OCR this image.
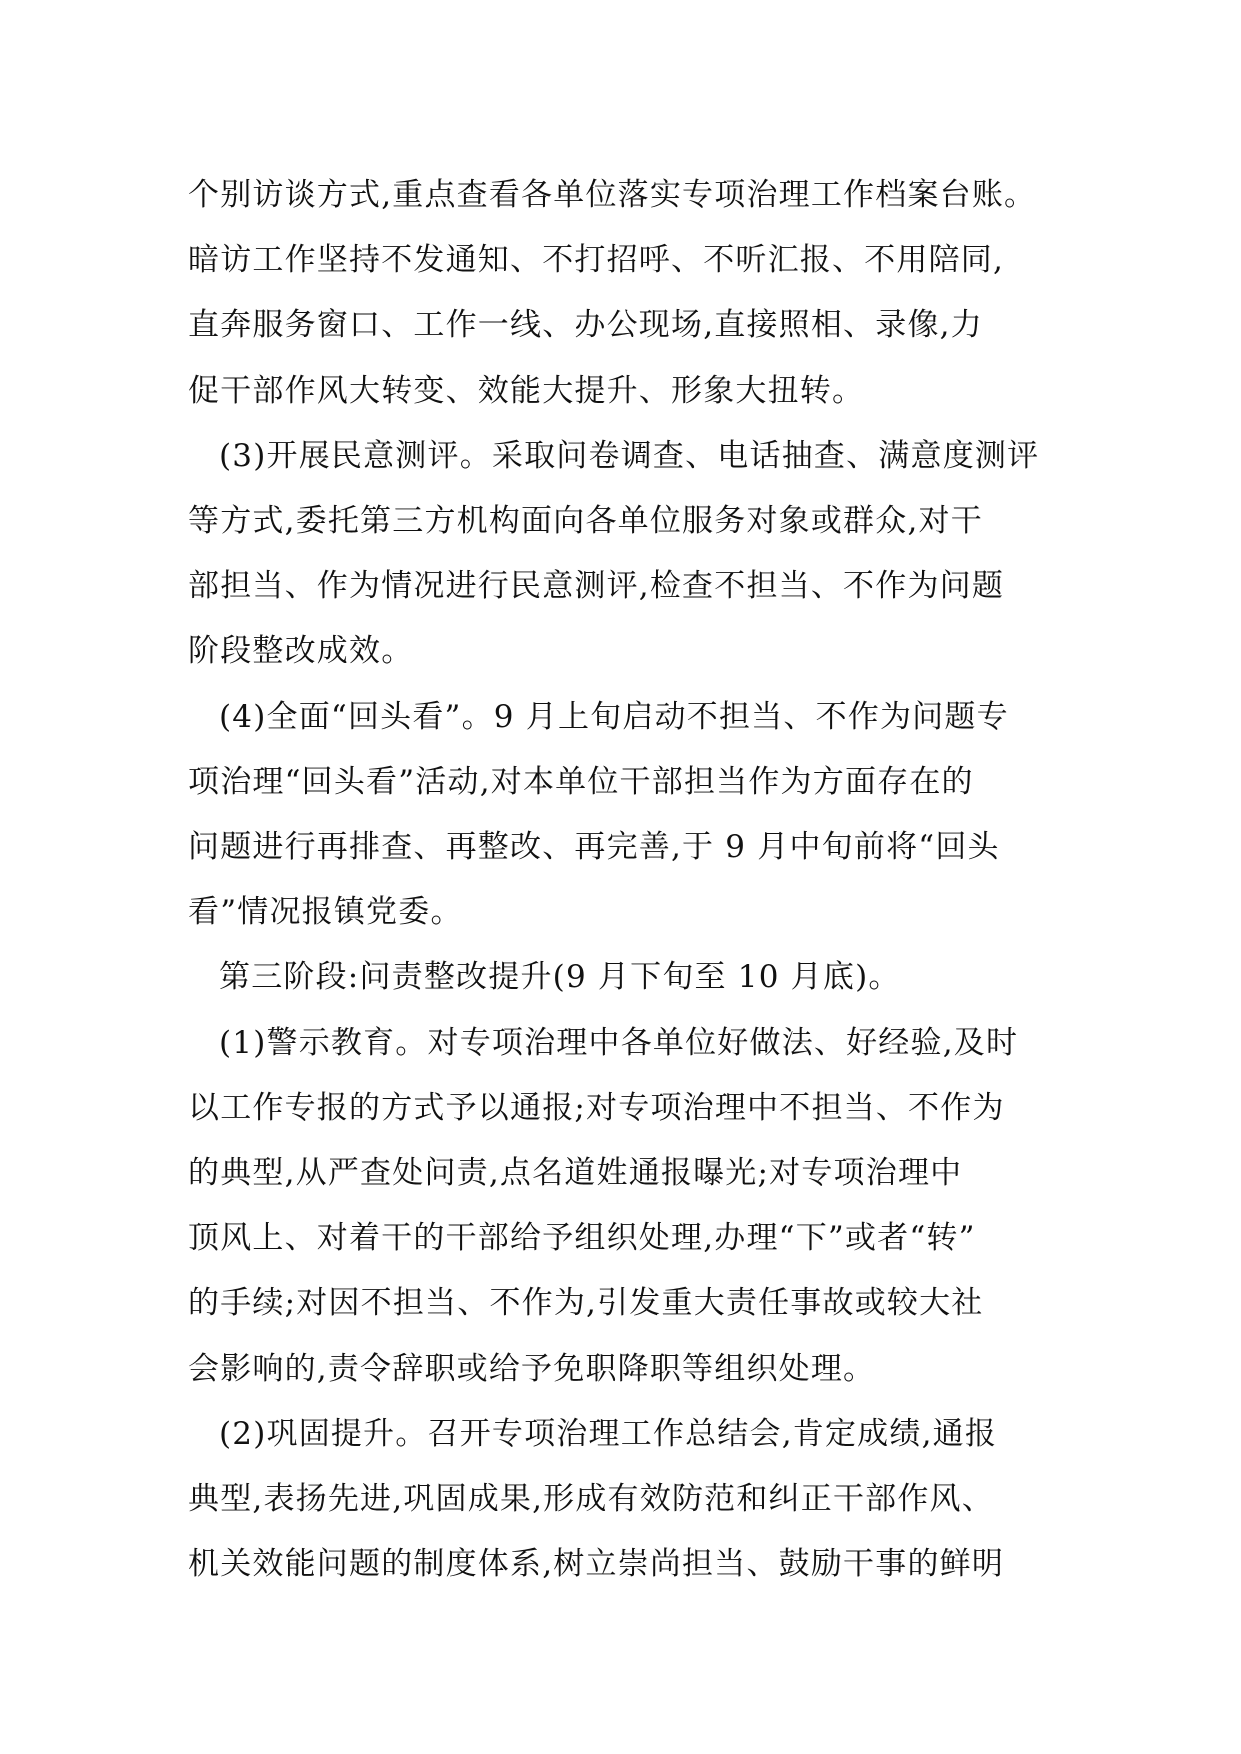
个别访谈方式,重点查看各单位落实专项治理工作档案台账。
暗访工作坚持不发通知、不打招呼、不听汇报、不用陪同,
直奔服务窗口、工作一线、办公现场,直接照相、录像,力
促干部作风大转变、效能大提升、形象大扭转。
(3)开展民意测评。采取问卷调查、电话抽查、满意度测评
等方式,委托第三方机构面向各单位服务对象或群众,对干
部担当、作为情况进行民意测评,检查不担当、不作为问题
阶段整改成效。
(4)全面“回头看”。9 月上旬启动不担当、不作为问题专
项治理“回头看”活动,对本单位干部担当作为方面存在的
问题进行再排查、再整改、再完善,于 9 月中旬前将“回头
看”情况报镇党委。
第三阶段:问责整改提升(9 月下旬至 10 月底)。
(1)警示教育。对专项治理中各单位好做法、好经验,及时
以工作专报的方式予以通报;对专项治理中不担当、不作为
的典型,从严查处问责,点名道姓通报曝光;对专项治理中
顶风上、对着干的干部给予组织处理,办理“下”或者“转”
的手续;对因不担当、不作为,引发重大责任事故或较大社
会影响的,责令辞职或给予免职降职等组织处理。
(2)巩固提升。召开专项治理工作总结会,肯定成绩,通报
典型,表扬先进,巩固成果,形成有效防范和纠正干部作风、
机关效能问题的制度体系,树立崇尚担当、鼓励干事的鲜明
